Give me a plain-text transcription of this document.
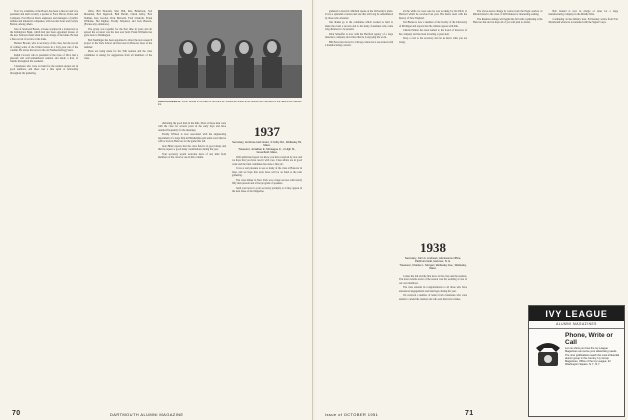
Yost '14, a member of the Board, has been a director and vice president and until recently a partner at Ford, Bacon, Davis and Company. Ford Bacon Davis engineers and managers of public utilities and industrial companies, with Gordon Sears and Carlyle Barton, among others.

Sale of Seaboard Bonds, a house acquired in a transaction at the Kittingtons Bank, which had just been appointed trustee of the new Seaboard fund when he took charge of the funds. He had a fine record of service at the bank.

Herbert Brooks, who is secretary of the class, has the record of writing some of the livliest letters in a forty-year run of the column. He writes the news in the old Nashua Kellogg Seats.

Ralph Crowell, who is president of the class of 1914, had a pleasant and well-remembered reunion and made a host of friends throughout the weekend.

Classmates who were on hand for the reunion turned out in good numbers, and there was a fine spirit of fellowship throughout the gathering.

Olive, Bill Howarth, Mac Hill, Pete Billerbeck, Ted Mountain, Bob Ingersoll, Bull Barritt, Chuck Kirby, Bob Sidman, Ken Gordon, Dick Maxwell, Fred Lindroth, Frank Williams, Hal Righter, Freddy Maynard, and Jack Henson. (Excuse any omissions.)

The group was together for the first time in years and all agreed the occasion was the best ever held. Frank Williams has gone back to Washington.

Bob Neidlinger has been appointed to direct the new research project at the Tuck School and has been in Hanover most of the summer.

Plans are being made for the 35th reunion and the class committee is asking for suggestions from all members of the class.

GARB BOLDMEN OF '14 Mr. Brooks of the class of 1914 and Mr. Brooks are shown at the reunion with members of the class at the Hanover Inn.

sheltering the good men in the hills. Most of these men were with the class for several years in the early days and have returned frequently for the meetings.

Freddy Willson is now associated with the engineering department of a large firm in Philadelphia and sends word that he will be back in Hanover for the game this fall.

Jack Hiller reports that the class fund is in good shape and that he expects a good many contributions during the year.

Your secretary would welcome news of any kind from members of the class for use in this column.

1937
Secretary, Ambrose Hart Grant, 3 Colby Rd., Wellesley 81, Mass.
Treasurer, Jonathan E. Montague Jr., 2 High St., Greenfield, Mass.

Well-publicized report we know you have received by now and we hope that you have read it with care. Class affairs are in good order and the fund committee has done a fine job.

It was a real pleasure to see so many of the class at Hanover in June, and we hope that even more will be on hand at the next gathering.

The class dinner in New York was a huge success with nearly fifty men present and a fine program of speakers.

Send your news to your secretary promptly so it may appear in the next issue of the Magazine.

70	DARTMOUTH ALUMNI MAGAZINE

gathered to hear Dr. Mitchell speak on the University's plans. It was a splendid occasion and one that will long be remembered by those who attended.

Our thanks go to the committee which worked so hard to make the event a success and to the many classmates who came long distances to be present.

Dick Schaeffer is now with the Hartford agency of a large insurance company and writes that he is enjoying the work.

Bill Eaton has moved to Chicago where he is associated with a manufacturing concern.

all the while we were sure he was working for his Ph.D. at Harvard which he received last year. His thesis dealt with the history of New England.

Ted Bisbee is now a member of the faculty of the University of Michigan and reports that the climate agrees with him.

Charlie Palmer has been named to the board of directors of his company and has been traveling a great deal.

Drop a card to the secretary and let us know what you are doing.

1938
Secretary, John A. Andrews, Admissions Office, Parkhurst Hall, Hanover, N. H.
Treasurer, Charles L. Morgan, Wellesley Ave., Wellesley, Mass.

Comes the fall and the first news of the class and the reunion. The most notable event of the season was the wedding of one of our own members.

The class extends its congratulations to all those who have announced engagements and marriages during the year.

We received a number of letters from classmates who were unable to attend the reunion and who sent their best wishes.

The above-noted change in course from the Eagle outdoor of Rhode Island to the class of 1938 makes for interesting reading.

The Reunion outings will begin this fall with a gathering at the Hanover Inn and we hope all of you will plan to attend.

Bob Ireland is now in charge of sales for a large manufacturing company in the Middle West.

Continuing on the military note, Ed Kenney writes from Fort Monmouth where he is stationed with the Signal Corps.

Issue of OCTOBER 1951	71
IVY LEAGUE
ALUMNI MAGAZINES
Phone, Write or Call
Let me show you how the Ivy League Magazines can serve your advertising needs. The nine publications reach the most influential alumni group in the country. Ivy Group Magazines, Office of the Ivy League, 22 Washington Square, N.Y., N.Y.
